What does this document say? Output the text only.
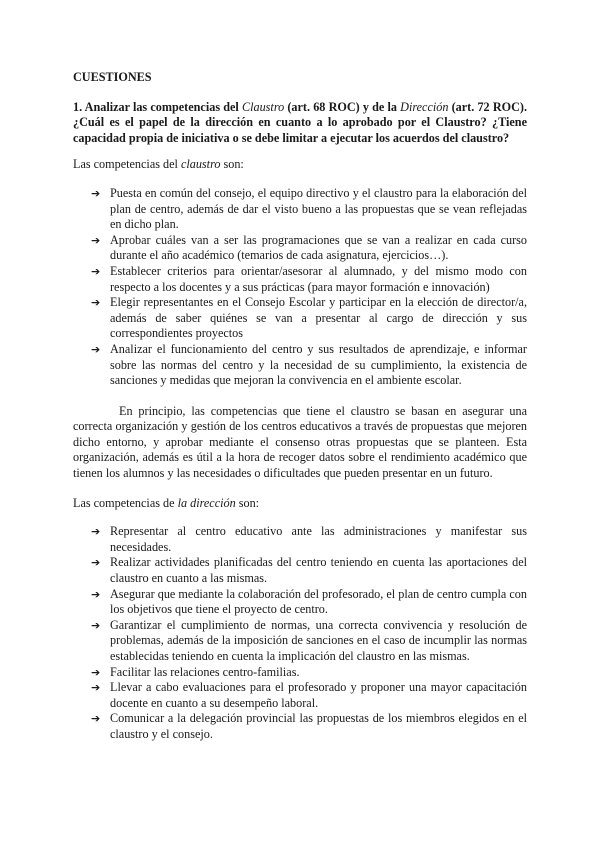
CUESTIONES

1. Analizar las competencias del Claustro (art. 68 ROC) y de la Dirección (art. 72 ROC). ¿Cuál es el papel de la dirección en cuanto a lo aprobado por el Claustro? ¿Tiene capacidad propia de iniciativa o se debe limitar a ejecutar los acuerdos del claustro?

Las competencias del claustro son:

➔ Puesta en común del consejo, el equipo directivo y el claustro para la elaboración del plan de centro, además de dar el visto bueno a las propuestas que se vean reflejadas en dicho plan.
➔ Aprobar cuáles van a ser las programaciones que se van a realizar en cada curso durante el año académico (temarios de cada asignatura, ejercicios…).
➔ Establecer criterios para orientar/asesorar al alumnado, y del mismo modo con respecto a los docentes y a sus prácticas (para mayor formación e innovación)
➔ Elegir representantes en el Consejo Escolar y participar en la elección de director/a, además de saber quiénes se van a presentar al cargo de dirección y sus correspondientes proyectos
➔ Analizar el funcionamiento del centro y sus resultados de aprendizaje, e informar sobre las normas del centro y la necesidad de su cumplimiento, la existencia de sanciones y medidas que mejoran la convivencia en el ambiente escolar.

En principio, las competencias que tiene el claustro se basan en asegurar una correcta organización y gestión de los centros educativos a través de propuestas que mejoren dicho entorno, y aprobar mediante el consenso otras propuestas que se planteen. Esta organización, además es útil a la hora de recoger datos sobre el rendimiento académico que tienen los alumnos y las necesidades o dificultades que pueden presentar en un futuro.

Las competencias de la dirección son:

➔ Representar al centro educativo ante las administraciones y manifestar sus necesidades.
➔ Realizar actividades planificadas del centro teniendo en cuenta las aportaciones del claustro en cuanto a las mismas.
➔ Asegurar que mediante la colaboración del profesorado, el plan de centro cumpla con los objetivos que tiene el proyecto de centro.
➔ Garantizar el cumplimiento de normas, una correcta convivencia y resolución de problemas, además de la imposición de sanciones en el caso de incumplir las normas establecidas teniendo en cuenta la implicación del claustro en las mismas.
➔ Facilitar las relaciones centro-familias.
➔ Llevar a cabo evaluaciones para el profesorado y proponer una mayor capacitación docente en cuanto a su desempeño laboral.
➔ Comunicar a la delegación provincial las propuestas de los miembros elegidos en el claustro y el consejo.
